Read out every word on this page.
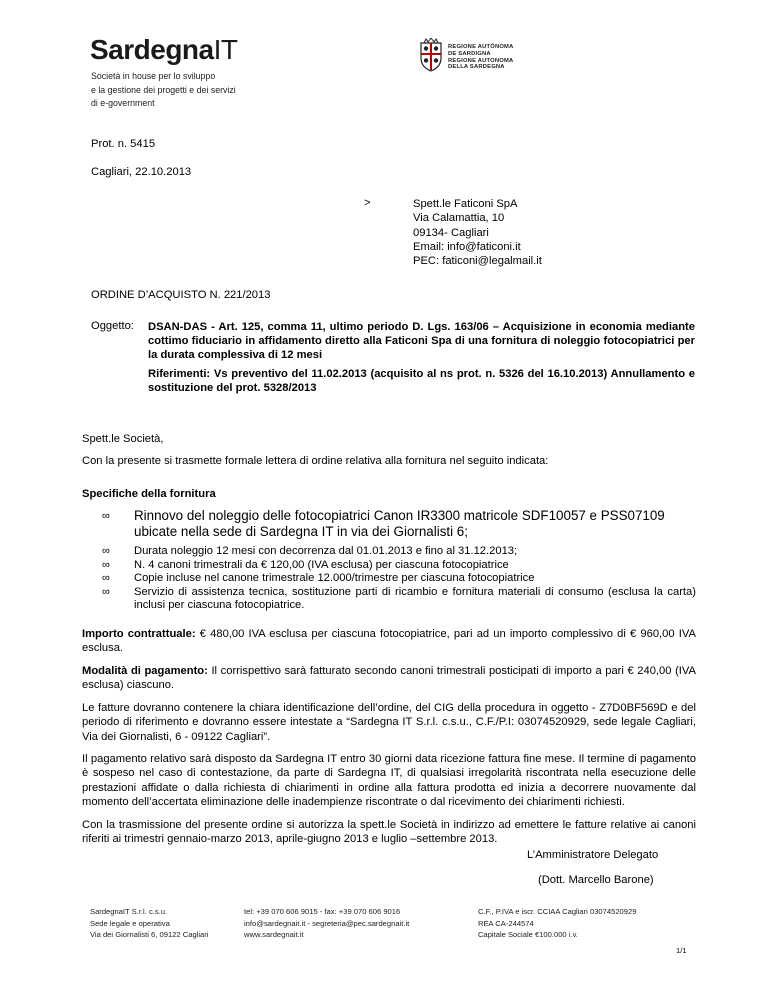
SardegnaIT
Società in house per lo sviluppo
e la gestione dei progetti e dei servizi
di e-government
REGIONE AUTÒNOMA
DE SARDIGNA
REGIONE AUTONOMA
DELLA SARDEGNA
Prot. n. 5415
Cagliari, 22.10.2013
>	Spett.le Faticoni SpA
Via Calamattia, 10
09134- Cagliari
Email: info@faticoni.it
PEC: faticoni@legalmail.it
ORDINE D’ACQUISTO N. 221/2013
Oggetto: DSAN-DAS - Art. 125, comma 11, ultimo periodo D. Lgs. 163/06 – Acquisizione in economia mediante cottimo fiduciario in affidamento diretto alla Faticoni Spa di una fornitura di noleggio fotocopiatrici per la durata complessiva di 12 mesi
Riferimenti: Vs preventivo del 11.02.2013 (acquisito al ns prot. n. 5326 del 16.10.2013) Annullamento e sostituzione del prot. 5328/2013
Spett.le Società,
Con la presente si trasmette formale lettera di ordine relativa alla fornitura nel seguito indicata:
Specifiche della fornitura
∞ Rinnovo del noleggio delle fotocopiatrici Canon IR3300 matricole SDF10057 e PSS07109 ubicate nella sede di Sardegna IT in via dei Giornalisti 6;
∞ Durata noleggio 12 mesi con decorrenza dal 01.01.2013 e fino al 31.12.2013;
∞ N. 4 canoni trimestrali da € 120,00 (IVA esclusa) per ciascuna fotocopiatrice
∞ Copie incluse nel canone trimestrale 12.000/trimestre per ciascuna fotocopiatrice
∞ Servizio di assistenza tecnica, sostituzione parti di ricambio e fornitura materiali di consumo (esclusa la carta) inclusi per ciascuna fotocopiatrice.
Importo contrattuale: € 480,00 IVA esclusa per ciascuna fotocopiatrice, pari ad un importo complessivo di € 960,00 IVA esclusa.
Modalità di pagamento: Il corrispettivo sarà fatturato secondo canoni trimestrali posticipati di importo a pari € 240,00 (IVA esclusa) ciascuno.
Le fatture dovranno contenere la chiara identificazione dell’ordine, del CIG della procedura in oggetto - Z7D0BF569D e del periodo di riferimento e dovranno essere intestate a “Sardegna IT S.r.l. c.s.u., C.F./P.I: 03074520929, sede legale Cagliari, Via dei Giornalisti, 6 - 09122 Cagliari”.
Il pagamento relativo sarà disposto da Sardegna IT entro 30 giorni data ricezione fattura fine mese. Il termine di pagamento è sospeso nel caso di contestazione, da parte di Sardegna IT, di qualsiasi irregolarità riscontrata nella esecuzione delle prestazioni affidate o dalla richiesta di chiarimenti in ordine alla fattura prodotta ed inizia a decorrere nuovamente dal momento dell’accertata eliminazione delle inadempienze riscontrate o dal ricevimento dei chiarimenti richiesti.
Con la trasmissione del presente ordine si autorizza la spett.le Società in indirizzo ad emettere le fatture relative ai canoni riferiti ai trimestri gennaio-marzo 2013, aprile-giugno 2013 e luglio –settembre 2013.
L’Amministratore Delegato
(Dott. Marcello Barone)
SardegnaIT S.r.l. c.s.u.
Sede legale e operativa
Via dei Giornalisti 6, 09122 Cagliari
tel: +39 070 606 9015 - fax: +39 070 606 9016
info@sardegnait.it - segreteria@pec.sardegnait.it
www.sardegnait.it
C.F., P.IVA e iscr. CCIAA Cagliari 03074520929
REA CA-244574
Capitale Sociale €100.000 i.v.
1/1
